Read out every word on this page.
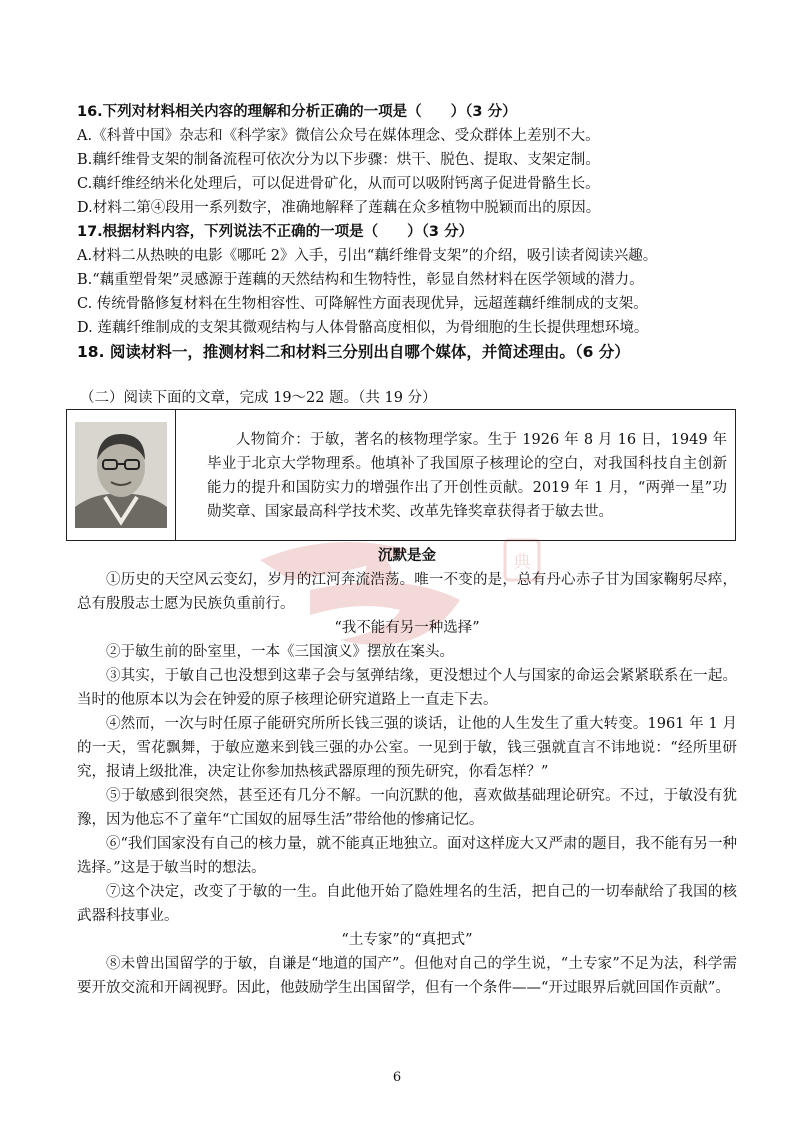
典
16.下列对材料相关内容的理解和分析正确的一项是（　　）（3 分）
A.《科普中国》杂志和《科学家》微信公众号在媒体理念、受众群体上差别不大。
B.藕纤维骨支架的制备流程可依次分为以下步骤：烘干、脱色、提取、支架定制。
C.藕纤维经纳米化处理后，可以促进骨矿化，从而可以吸附钙离子促进骨骼生长。
D.材料二第④段用一系列数字，准确地解释了莲藕在众多植物中脱颖而出的原因。
17.根据材料内容，下列说法不正确的一项是（　　）（3 分）
A.材料二从热映的电影《哪吒 2》入手，引出“藕纤维骨支架”的介绍，吸引读者阅读兴趣。
B.“藕重塑骨架”灵感源于莲藕的天然结构和生物特性，彰显自然材料在医学领域的潜力。
C. 传统骨骼修复材料在生物相容性、可降解性方面表现优异，远超莲藕纤维制成的支架。
D. 莲藕纤维制成的支架其微观结构与人体骨骼高度相似，为骨细胞的生长提供理想环境。
18. 阅读材料一，推测材料二和材料三分别出自哪个媒体，并简述理由。（6 分）
（二）阅读下面的文章，完成 19～22 题。（共 19 分）
人物简介：于敏，著名的核物理学家。生于 1926 年 8 月 16 日，1949 年毕业于北京大学物理系。他填补了我国原子核理论的空白，对我国科技自主创新能力的提升和国防实力的增强作出了开创性贡献。2019 年 1 月，“两弹一星”功勋奖章、国家最高科学技术奖、改革先锋奖章获得者于敏去世。

沉默是金

①历史的天空风云变幻，岁月的江河奔流浩荡。唯一不变的是，总有丹心赤子甘为国家鞠躬尽瘁，总有殷殷志士愿为民族负重前行。

“我不能有另一种选择”

②于敏生前的卧室里，一本《三国演义》摆放在案头。

③其实，于敏自己也没想到这辈子会与氢弹结缘，更没想过个人与国家的命运会紧紧联系在一起。当时的他原本以为会在钟爱的原子核理论研究道路上一直走下去。

④然而，一次与时任原子能研究所所长钱三强的谈话，让他的人生发生了重大转变。1961 年 1 月的一天，雪花飘舞，于敏应邀来到钱三强的办公室。一见到于敏，钱三强就直言不讳地说：“经所里研究，报请上级批准，决定让你参加热核武器原理的预先研究，你看怎样？”

⑤于敏感到很突然，甚至还有几分不解。一向沉默的他，喜欢做基础理论研究。不过，于敏没有犹豫，因为他忘不了童年“亡国奴的屈辱生活”带给他的惨痛记忆。

⑥“我们国家没有自己的核力量，就不能真正地独立。面对这样庞大又严肃的题目，我不能有另一种选择。”这是于敏当时的想法。

⑦这个决定，改变了于敏的一生。自此他开始了隐姓埋名的生活，把自己的一切奉献给了我国的核武器科技事业。

“土专家”的“真把式”

⑧未曾出国留学的于敏，自谦是“地道的国产”。但他对自己的学生说，“土专家”不足为法，科学需要开放交流和开阔视野。因此，他鼓励学生出国留学，但有一个条件——“开过眼界后就回国作贡献”。

6
